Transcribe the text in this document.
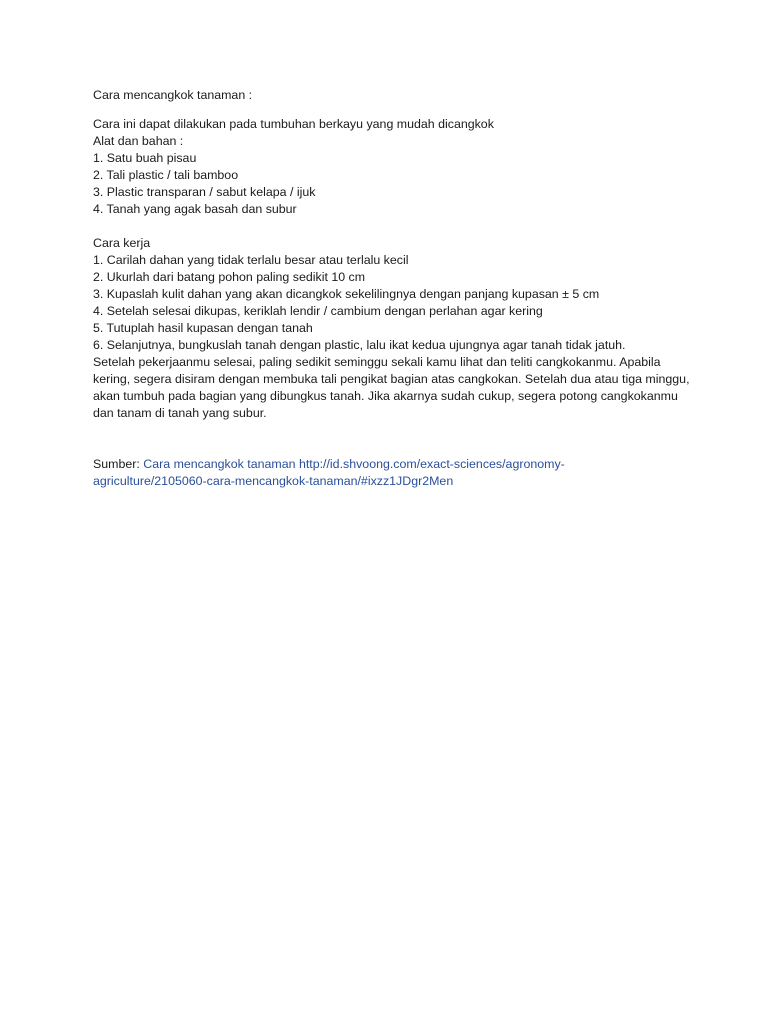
Cara mencangkok tanaman :
Cara ini dapat dilakukan pada tumbuhan berkayu yang mudah dicangkok
Alat dan bahan :
1. Satu buah pisau
2. Tali plastic / tali bamboo
3. Plastic transparan / sabut kelapa / ijuk
4. Tanah yang agak basah dan subur
Cara kerja
1. Carilah dahan yang tidak terlalu besar atau terlalu kecil
2. Ukurlah dari batang pohon paling sedikit 10 cm
3. Kupaslah kulit dahan yang akan dicangkok sekelilingnya dengan panjang kupasan ± 5 cm
4. Setelah selesai dikupas, keriklah lendir / cambium dengan perlahan agar kering
5. Tutuplah hasil kupasan dengan tanah
6. Selanjutnya, bungkuslah tanah dengan plastic, lalu ikat kedua ujungnya agar tanah tidak jatuh.
Setelah pekerjaanmu selesai, paling sedikit seminggu sekali kamu lihat dan teliti cangkokanmu. Apabila kering, segera disiram dengan membuka tali pengikat bagian atas cangkokan. Setelah dua atau tiga minggu, akan tumbuh pada bagian yang dibungkus tanah. Jika akarnya sudah cukup, segera potong cangkokanmu dan tanam di tanah yang subur.
Sumber: Cara mencangkok tanaman http://id.shvoong.com/exact-sciences/agronomy-agriculture/2105060-cara-mencangkok-tanaman/#ixzz1JDgr2Men
